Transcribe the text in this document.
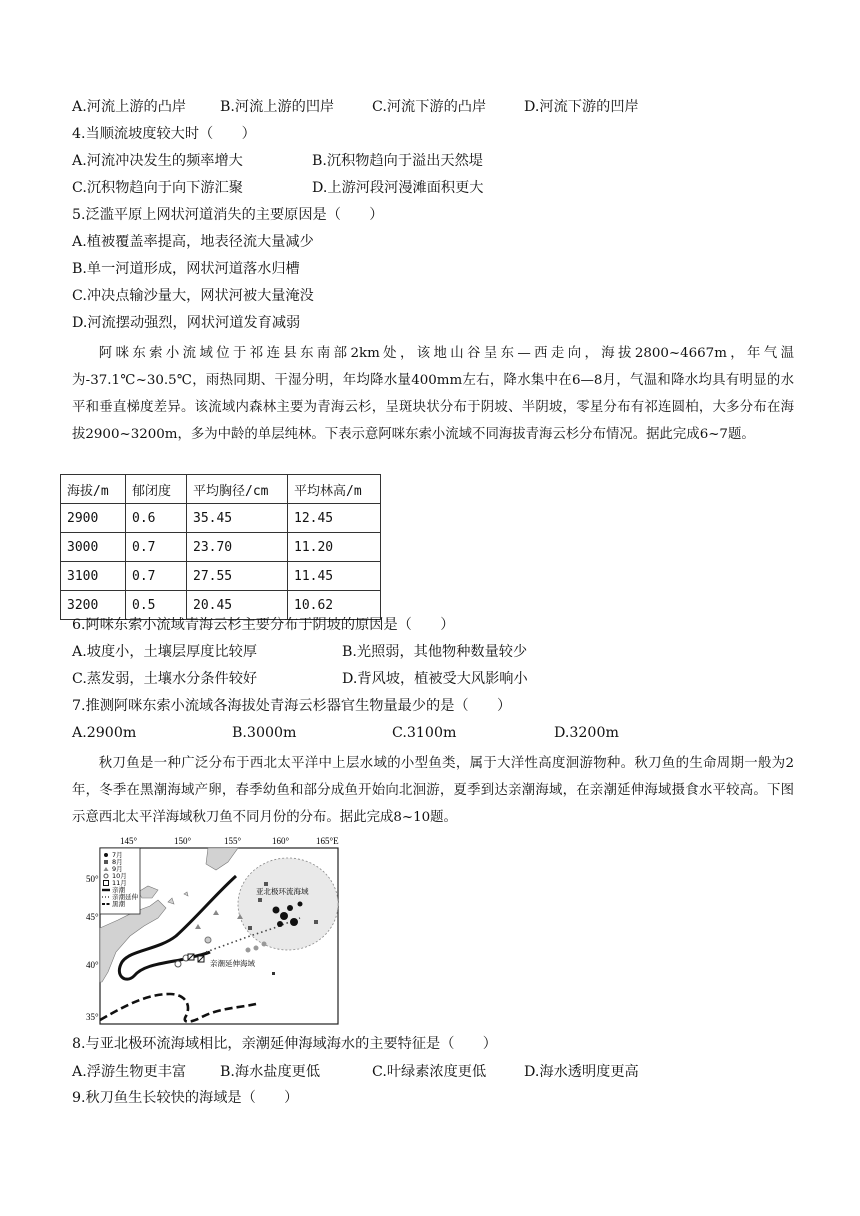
A.河流上游的凸岸 B.河流上游的凹岸	C.河流下游的凸岸	D.河流下游的凹岸
4.当顺流坡度较大时（　　）
A.河流冲决发生的频率增大	B.沉积物趋向于溢出天然堤
C.沉积物趋向于向下游汇聚	D.上游河段河漫滩面积更大
5.泛滥平原上网状河道消失的主要原因是（　　）
A.植被覆盖率提高，地表径流大量减少
B.单一河道形成，网状河道落水归槽
C.冲决点输沙量大，网状河被大量淹没
D.河流摆动强烈，网状河道发育减弱
阿咪东索小流域位于祁连县东南部2km处，该地山谷呈东—西走向，海拔2800~4667m，年气温为-37.1℃~30.5℃，雨热同期、干湿分明，年均降水量400mm左右，降水集中在6—8月，气温和降水均具有明显的水平和垂直梯度差异。该流域内森林主要为青海云杉，呈斑块状分布于阴坡、半阴坡，零星分布有祁连圆柏，大多分布在海拔2900~3200m，多为中龄的单层纯林。下表示意阿咪东索小流域不同海拔青海云杉分布情况。据此完成6~7题。
海拔/m	郁闭度	平均胸径/cm	平均林高/m
2900	0.6	35.45	12.45
3000	0.7	23.70	11.20
3100	0.7	27.55	11.45
3200	0.5	20.45	10.62
6.阿咪东索小流域青海云杉主要分布于阴坡的原因是（　　）
A.坡度小，土壤层厚度比较厚	B.光照弱，其他物种数量较少
C.蒸发弱，土壤水分条件较好	D.背风坡，植被受大风影响小
7.推测阿咪东索小流域各海拔处青海云杉器官生物量最少的是（　　）
A.2900m	B.3000m	C.3100m	D.3200m
秋刀鱼是一种广泛分布于西北太平洋中上层水域的小型鱼类，属于大洋性高度洄游物种。秋刀鱼的生命周期一般为2年，冬季在黑潮海域产卵，春季幼鱼和部分成鱼开始向北洄游，夏季到达亲潮海域，在亲潮延伸海域摄食水平较高。下图示意西北太平洋海域秋刀鱼不同月份的分布。据此完成8~10题。
145°	150°	155°	160°	165°E
50°
45°
40°
35°
亚北极环流海域
亲潮延伸海域
7月
8月
9月
10月
11月
亲潮
亲潮延伸
黑潮
8.与亚北极环流海域相比，亲潮延伸海域海水的主要特征是（　　）
A.浮游生物更丰富 B.海水盐度更低	C.叶绿素浓度更低	D.海水透明度更高
9.秋刀鱼生长较快的海域是（　　）
